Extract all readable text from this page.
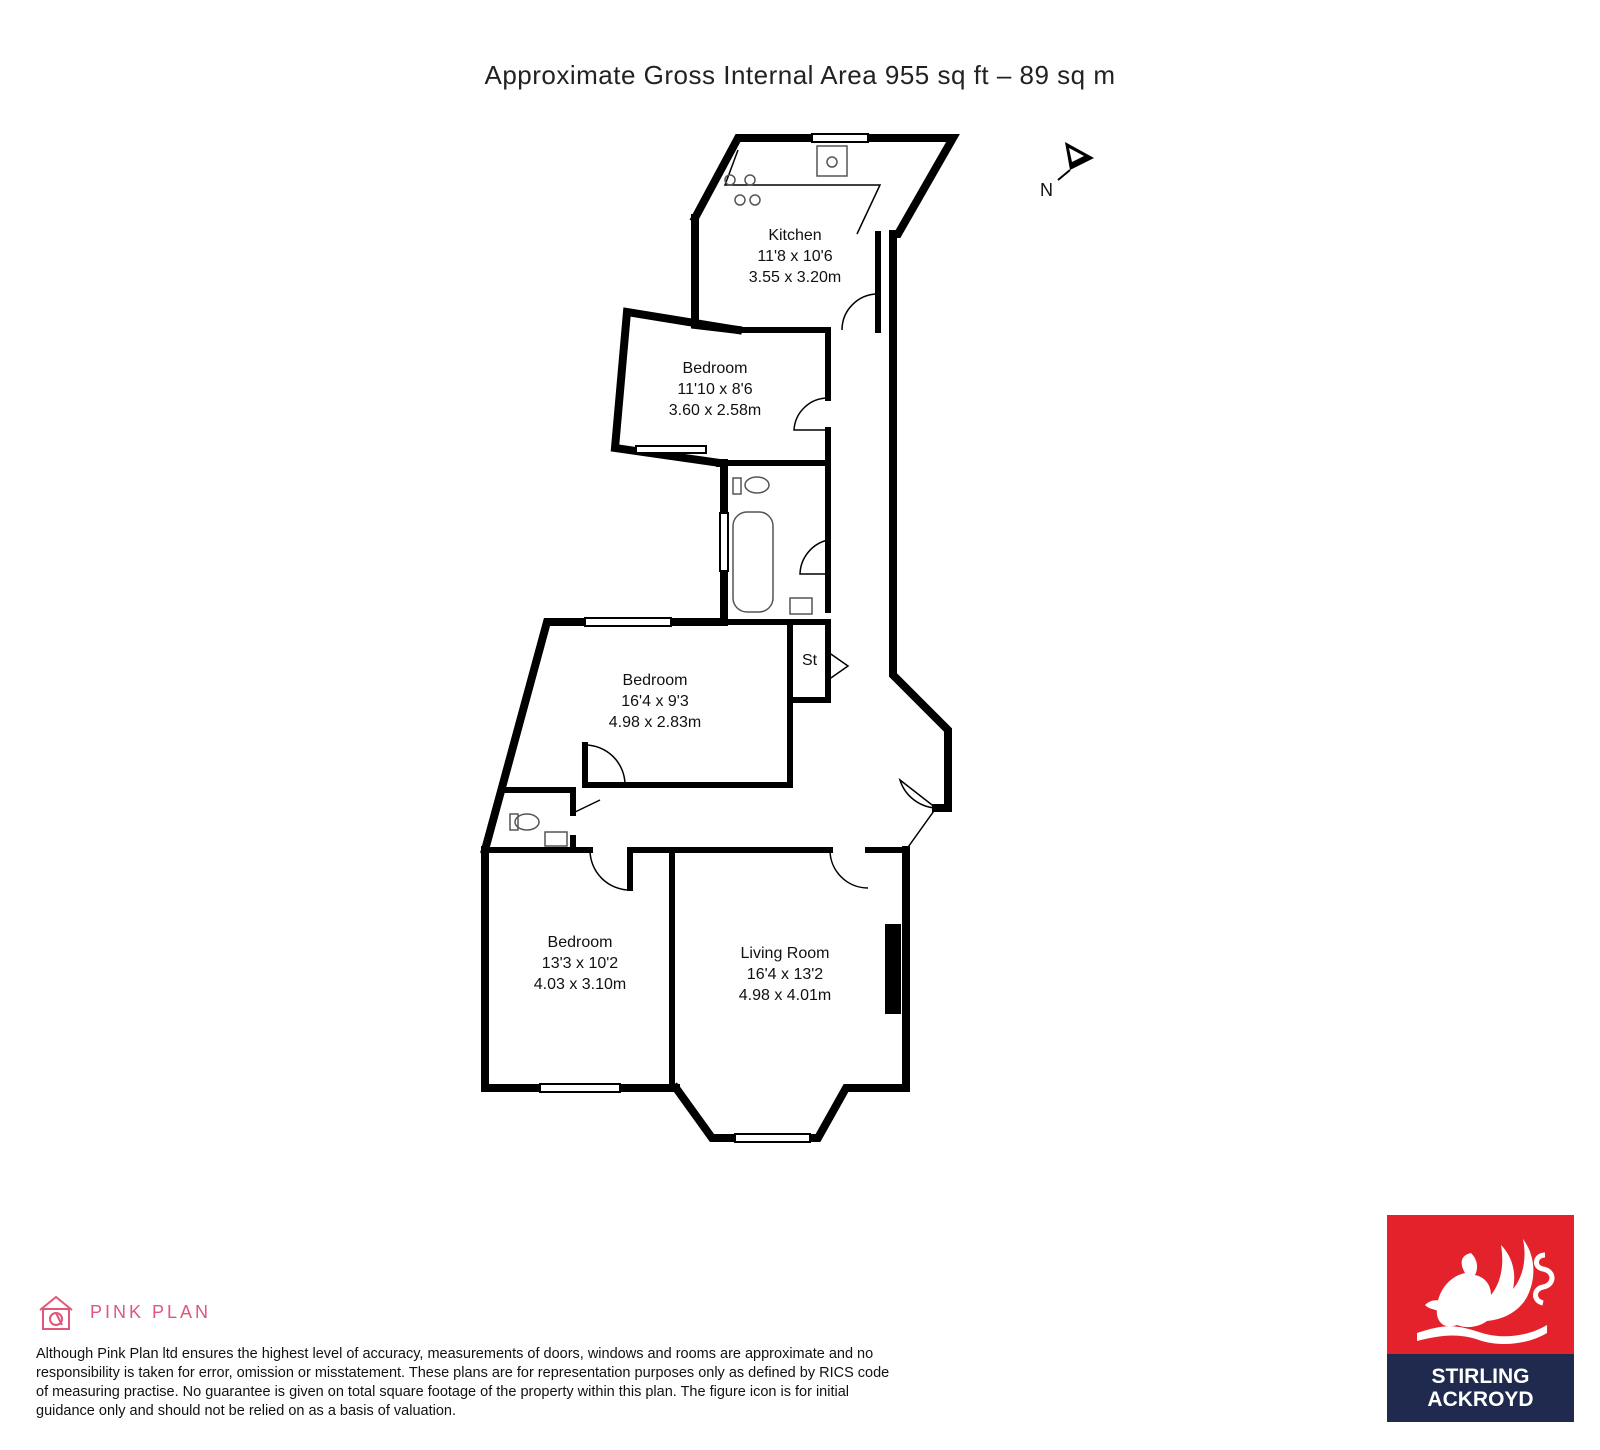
Approximate Gross Internal Area 955 sq ft – 89 sq m
N
Kitchen
11'8 x 10'6
3.55 x 3.20m
Bedroom
11'10 x 8'6
3.60 x 2.58m
Bedroom
16'4 x 9'3
4.98 x 2.83m
Bedroom
13'3 x 10'2
4.03 x 3.10m
Living Room
16'4 x 13'2
4.98 x 4.01m
St
PINK PLAN
Although Pink Plan ltd ensures the highest level of accuracy, measurements of doors, windows and rooms are approximate and no responsibility is taken for error, omission or misstatement. These plans are for representation purposes only as defined by RICS code of measuring practise. No guarantee is given on total square footage of the property within this plan. The figure icon is for initial guidance only and should not be relied on as a basis of valuation.
STIRLING
ACKROYD
